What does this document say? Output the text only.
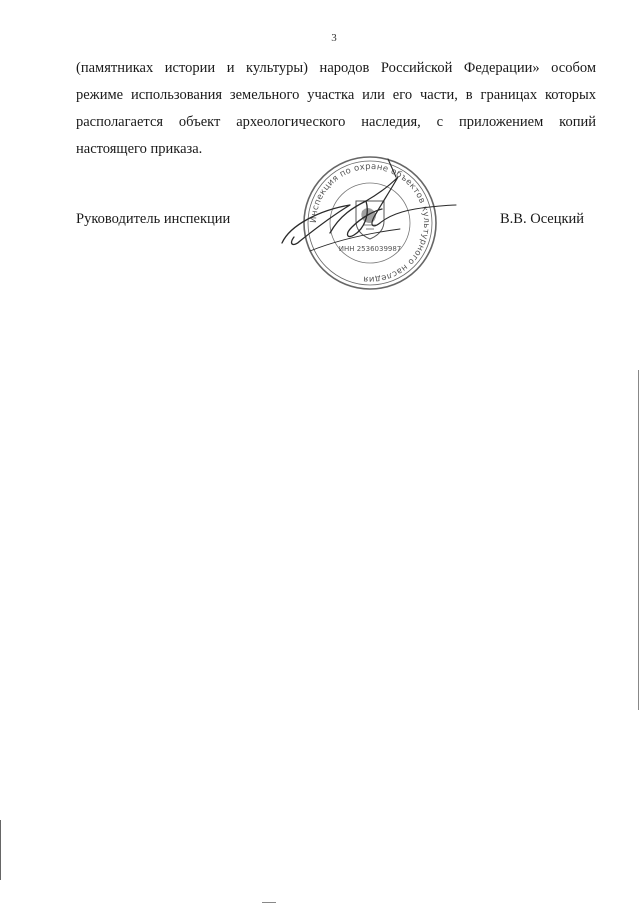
3
(памятниках истории и культуры) народов Российской Федерации» особом
режиме использования земельного участка или его части, в границах которых
располагается объект археологического наследия, с приложением копий
настоящего приказа.
Руководитель инспекции	Инспекция по охране объектов культурного наследия
ИНН 2536039987
В.В. Осецкий
